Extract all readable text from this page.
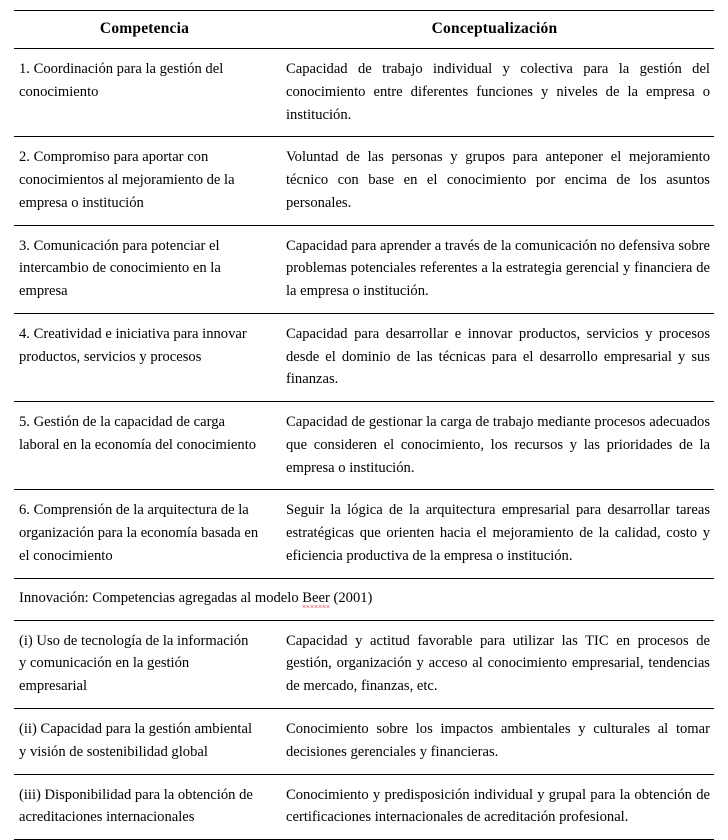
Competencia	Conceptualización
1. Coordinación para la gestión del conocimiento	Capacidad de trabajo individual y colectiva para la gestión del conocimiento entre diferentes funciones y niveles de la empresa o institución.
2. Compromiso para aportar con conocimientos al mejoramiento de la empresa o institución	Voluntad de las personas y grupos para anteponer el mejoramiento técnico con base en el conocimiento por encima de los asuntos personales.
3. Comunicación para potenciar el intercambio de conocimiento en la empresa	Capacidad para aprender a través de la comunicación no defensiva sobre problemas potenciales referentes a la estrategia gerencial y financiera de la empresa o institución.
4. Creatividad e iniciativa para innovar productos, servicios y procesos	Capacidad para desarrollar e innovar productos, servicios y procesos desde el dominio de las técnicas para el desarrollo empresarial y sus finanzas.
5. Gestión de la capacidad de carga laboral en la economía del conocimiento	Capacidad de gestionar la carga de trabajo mediante procesos adecuados que consideren el conocimiento, los recursos y las prioridades de la empresa o institución.
6. Comprensión de la arquitectura de la organización para la economía basada en el conocimiento	Seguir la lógica de la arquitectura empresarial para desarrollar tareas estratégicas que orienten hacia el mejoramiento de la calidad, costo y eficiencia productiva de la empresa o institución.
Innovación: Competencias agregadas al modelo Beer (2001)	
(i) Uso de tecnología de la información y comunicación en la gestión empresarial	Capacidad y actitud favorable para utilizar las TIC en procesos de gestión, organización y acceso al conocimiento empresarial, tendencias de mercado, finanzas, etc.
(ii) Capacidad para la gestión ambiental y visión de sostenibilidad global	Conocimiento sobre los impactos ambientales y culturales al tomar decisiones gerenciales y financieras.
(iii) Disponibilidad para la obtención de acreditaciones internacionales	Conocimiento y predisposición individual y grupal para la obtención de certificaciones internacionales de acreditación profesional.
